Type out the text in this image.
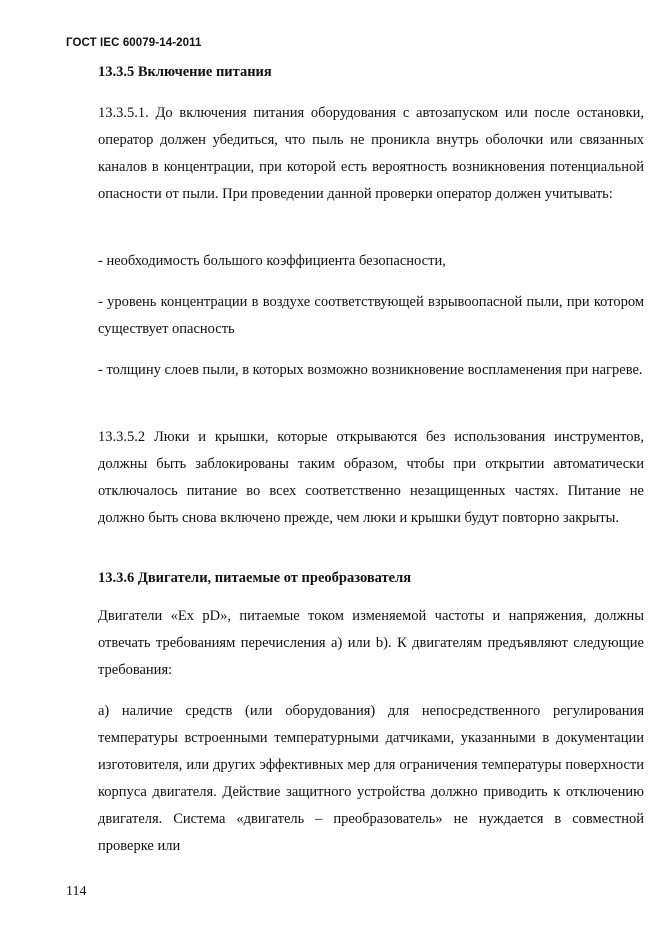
ГОСТ IEC 60079-14-2011
13.3.5 Включение питания

13.3.5.1. До включения питания оборудования с автозапуском или после остановки, оператор должен убедиться, что пыль не проникла внутрь оболочки или связанных каналов в концентрации, при которой есть вероятность возникновения потенциальной опасности от пыли. При проведении данной проверки оператор должен учитывать:

- необходимость большого коэффициента безопасности,

- уровень концентрации в воздухе соответствующей взрывоопасной пыли, при котором существует опасность

- толщину слоев пыли, в которых возможно возникновение воспламенения при нагреве.

13.3.5.2 Люки и крышки, которые открываются без использования инструментов, должны быть заблокированы таким образом, чтобы при открытии автоматически отключалось питание во всех соответственно незащищенных частях. Питание не должно быть снова включено прежде, чем люки и крышки будут повторно закрыты.

13.3.6 Двигатели, питаемые от преобразователя

Двигатели «Ex pD», питаемые током изменяемой частоты и напряжения, должны отвечать требованиям перечисления а) или b). К двигателям предъявляют следующие требования:

а) наличие средств (или оборудования) для непосредственного регулирования температуры встроенными температурными датчиками, указанными в документации изготовителя, или других эффективных мер для ограничения температуры поверхности корпуса двигателя. Действие защитного устройства должно приводить к отключению двигателя. Система «двигатель – преобразователь» не нуждается в совместной проверке или

114
